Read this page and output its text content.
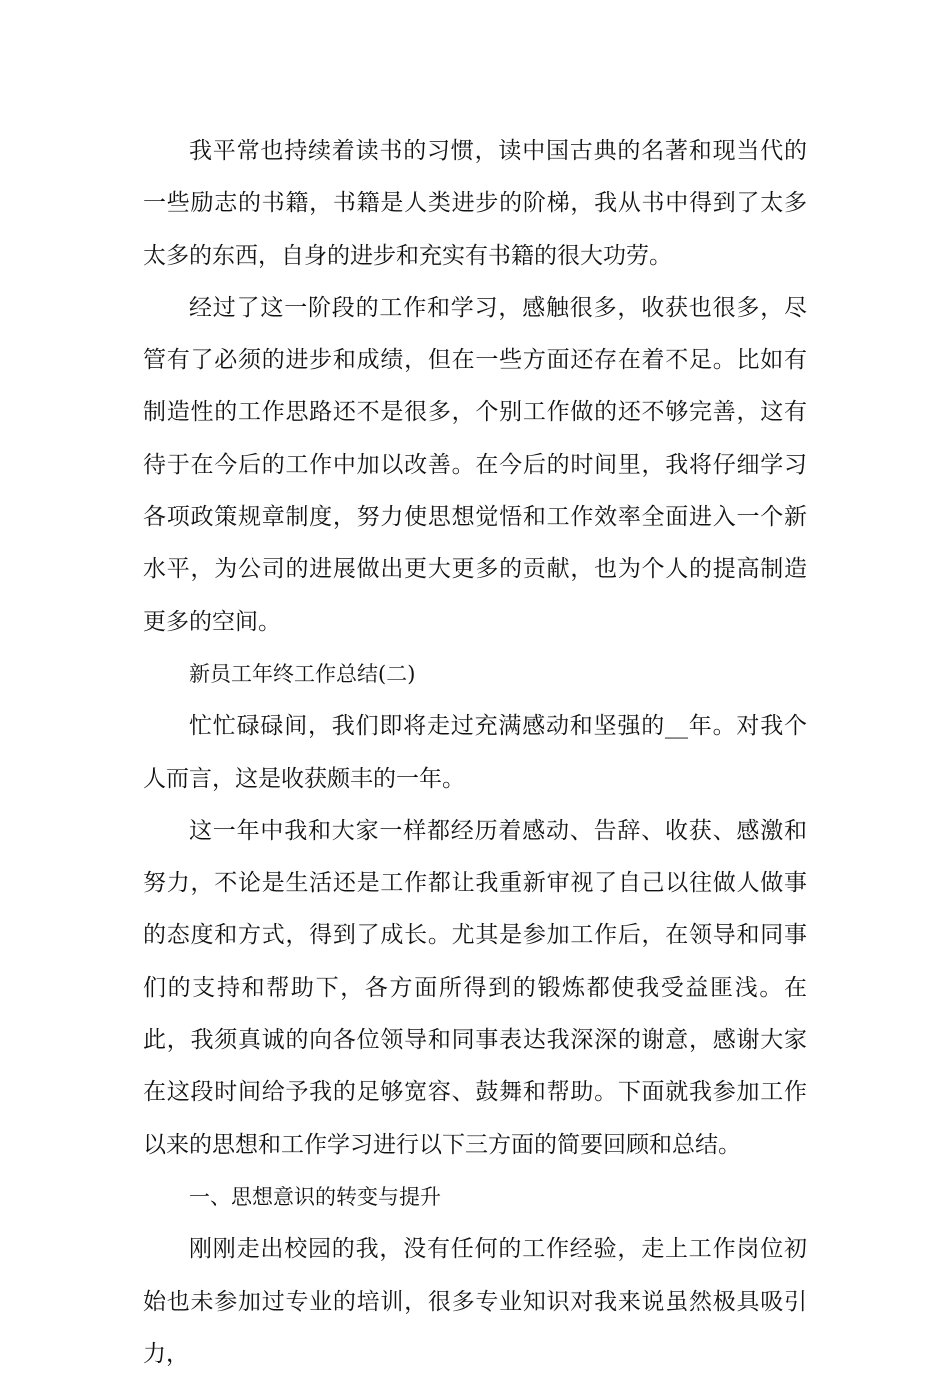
我平常也持续着读书的习惯，读中国古典的名著和现当代的一些励志的书籍，书籍是人类进步的阶梯，我从书中得到了太多太多的东西，自身的进步和充实有书籍的很大功劳。

经过了这一阶段的工作和学习，感触很多，收获也很多，尽管有了必须的进步和成绩，但在一些方面还存在着不足。比如有制造性的工作思路还不是很多，个别工作做的还不够完善，这有待于在今后的工作中加以改善。在今后的时间里，我将仔细学习各项政策规章制度，努力使思想觉悟和工作效率全面进入一个新水平，为公司的进展做出更大更多的贡献，也为个人的提高制造更多的空间。

新员工年终工作总结(二)

忙忙碌碌间，我们即将走过充满感动和坚强的__年。对我个人而言，这是收获颇丰的一年。

这一年中我和大家一样都经历着感动、告辞、收获、感激和努力，不论是生活还是工作都让我重新审视了自己以往做人做事的态度和方式，得到了成长。尤其是参加工作后，在领导和同事们的支持和帮助下，各方面所得到的锻炼都使我受益匪浅。在此，我须真诚的向各位领导和同事表达我深深的谢意，感谢大家在这段时间给予我的足够宽容、鼓舞和帮助。下面就我参加工作以来的思想和工作学习进行以下三方面的简要回顾和总结。

一、思想意识的转变与提升

刚刚走出校园的我，没有任何的工作经验，走上工作岗位初始也未参加过专业的培训，很多专业知识对我来说虽然极具吸引力，
